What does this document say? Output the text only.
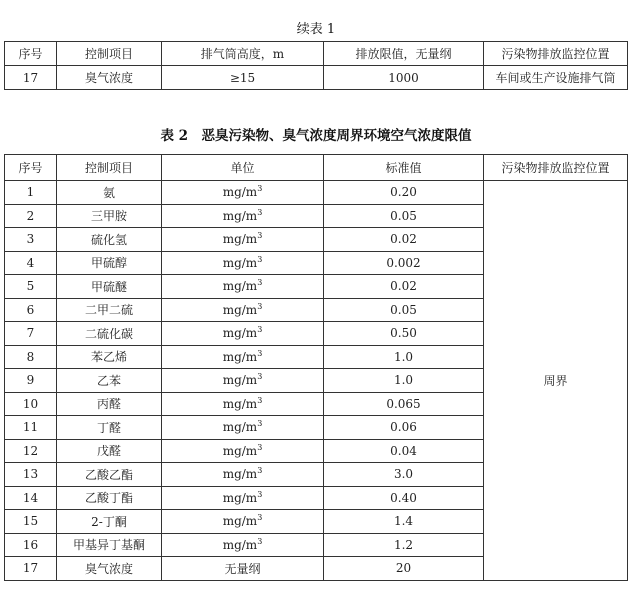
续表 1
序号	控制项目	排气筒高度，m	排放限值，无量纲	污染物排放监控位置
17	臭气浓度	≥15	1000	车间或生产设施排气筒
表 2　恶臭污染物、臭气浓度周界环境空气浓度限值
序号	控制项目	单位	标准值	污染物排放监控位置
1	氨	$mg/m^3$	0.20	周界
2	三甲胺	$mg/m^3$	0.05	
3	硫化氢	$mg/m^3$	0.02	
4	甲硫醇	$mg/m^3$	0.002	
5	甲硫醚	$mg/m^3$	0.02	
6	二甲二硫	$mg/m^3$	0.05	
7	二硫化碳	$mg/m^3$	0.50	
8	苯乙烯	$mg/m^3$	1.0	
9	乙苯	$mg/m^3$	1.0	
10	丙醛	$mg/m^3$	0.065	
11	丁醛	$mg/m^3$	0.06	
12	戊醛	$mg/m^3$	0.04	
13	乙酸乙酯	$mg/m^3$	3.0	
14	乙酸丁酯	$mg/m^3$	0.40	
15	2-丁酮	$mg/m^3$	1.4	
16	甲基异丁基酮	$mg/m^3$	1.2	
17	臭气浓度	无量纲	20	
